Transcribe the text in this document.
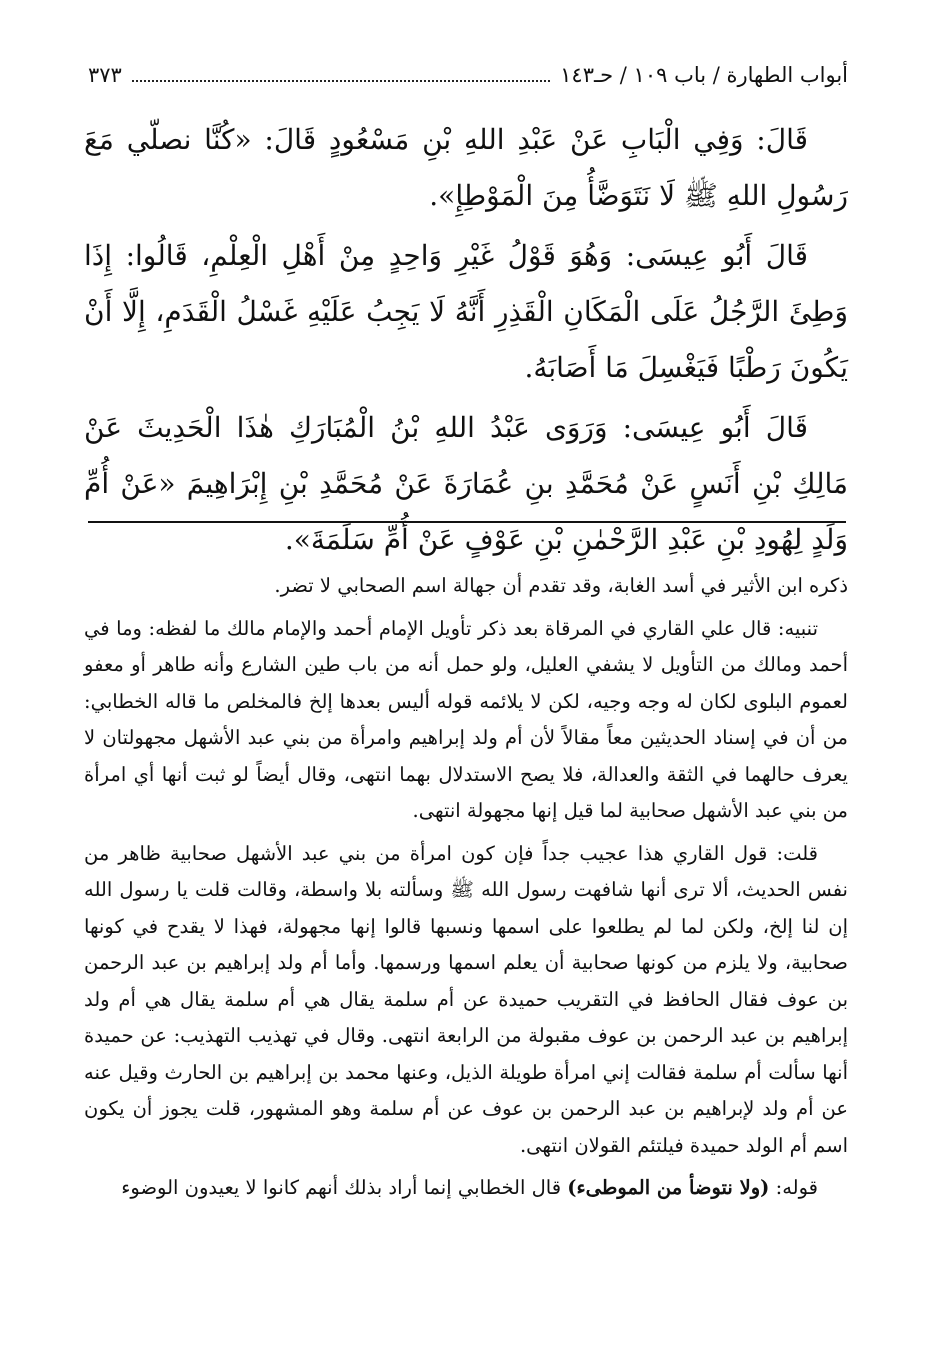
أبواب الطهارة / باب ١٠٩ / حـ١٤٣
٣٧٣

قَالَ: وَفِي الْبَابِ عَنْ عَبْدِ اللهِ بْنِ مَسْعُودٍ قَالَ: «كُنَّا نصلّي مَعَ رَسُولِ اللهِ ﷺ لَا نَتَوَضَّأُ مِنَ الْمَوْطِإِ».

قَالَ أَبُو عِيسَى: وَهُوَ قَوْلُ غَيْرِ وَاحِدٍ مِنْ أَهْلِ الْعِلْمِ، قَالُوا: إِذَا وَطِئَ الرَّجُلُ عَلَى الْمَكَانِ الْقَذِرِ أَنَّهُ لَا يَجِبُ عَلَيْهِ غَسْلُ الْقَدَمِ، إِلَّا أَنْ يَكُونَ رَطْبًا فَيَغْسِلَ مَا أَصَابَهُ.

قَالَ أَبُو عِيسَى: وَرَوَى عَبْدُ اللهِ بْنُ الْمُبَارَكِ هٰذَا الْحَدِيثَ عَنْ مَالِكِ بْنِ أَنَسٍ عَنْ مُحَمَّدِ بنِ عُمَارَةَ عَنْ مُحَمَّدِ بْنِ إِبْرَاهِيمَ «عَنْ أُمِّ وَلَدٍ لِهُودِ بْنِ عَبْدِ الرَّحْمٰنِ بْنِ عَوْفٍ عَنْ أُمِّ سَلَمَةَ».

ذكره ابن الأثير في أسد الغابة، وقد تقدم أن جهالة اسم الصحابي لا تضر.

تنبيه: قال علي القاري في المرقاة بعد ذكر تأويل الإمام أحمد والإمام مالك ما لفظه: وما في أحمد ومالك من التأويل لا يشفي العليل، ولو حمل أنه من باب طين الشارع وأنه طاهر أو معفو لعموم البلوى لكان له وجه وجيه، لكن لا يلائمه قوله أليس بعدها إلخ فالمخلص ما قاله الخطابي: من أن في إسناد الحديثين معاً مقالاً لأن أم ولد إبراهيم وامرأة من بني عبد الأشهل مجهولتان لا يعرف حالهما في الثقة والعدالة، فلا يصح الاستدلال بهما انتهى، وقال أيضاً لو ثبت أنها أي امرأة من بني عبد الأشهل صحابية لما قيل إنها مجهولة انتهى.

قلت: قول القاري هذا عجيب جداً فإن كون امرأة من بني عبد الأشهل صحابية ظاهر من نفس الحديث، ألا ترى أنها شافهت رسول الله ﷺ وسألته بلا واسطة، وقالت قلت يا رسول الله إن لنا إلخ، ولكن لما لم يطلعوا على اسمها ونسبها قالوا إنها مجهولة، فهذا لا يقدح في كونها صحابية، ولا يلزم من كونها صحابية أن يعلم اسمها ورسمها. وأما أم ولد إبراهيم بن عبد الرحمن بن عوف فقال الحافظ في التقريب حميدة عن أم سلمة يقال هي أم سلمة يقال هي أم ولد إبراهيم بن عبد الرحمن بن عوف مقبولة من الرابعة انتهى. وقال في تهذيب التهذيب: عن حميدة أنها سألت أم سلمة فقالت إني امرأة طويلة الذيل، وعنها محمد بن إبراهيم بن الحارث وقيل عنه عن أم ولد لإبراهيم بن عبد الرحمن بن عوف عن أم سلمة وهو المشهور، قلت يجوز أن يكون اسم أم الولد حميدة فيلتئم القولان انتهى.

قوله: (ولا نتوضأ من الموطىء) قال الخطابي إنما أراد بذلك أنهم كانوا لا يعيدون الوضوء
